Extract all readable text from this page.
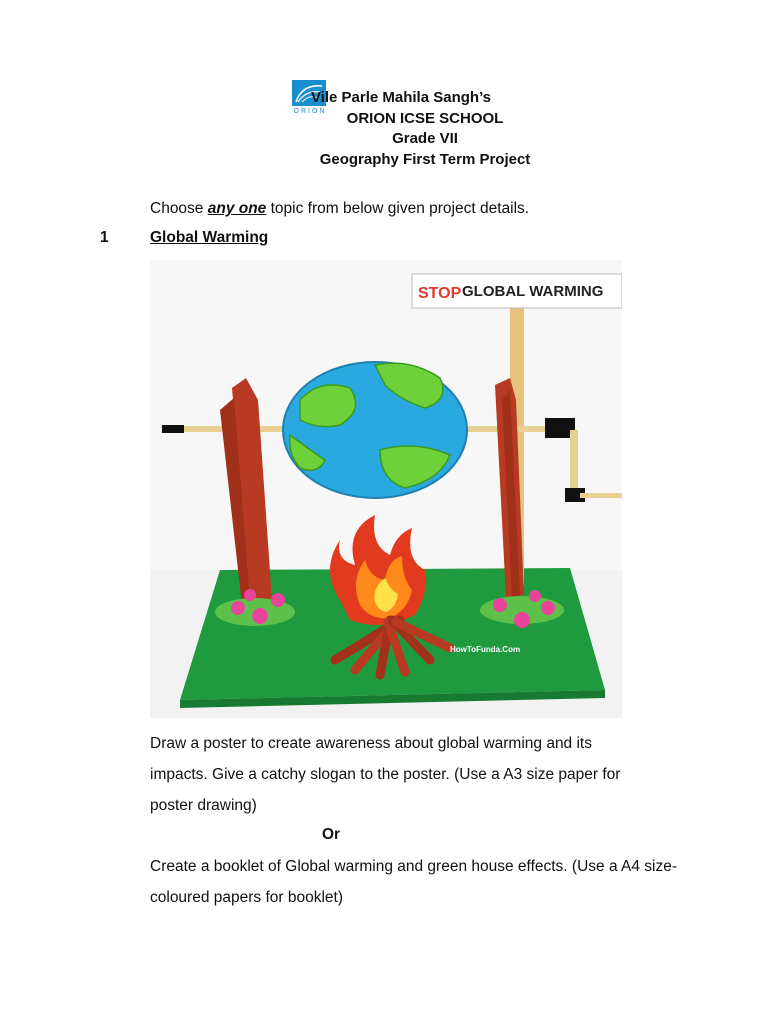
ORION
Vile Parle Mahila Sangh’s
ORION ICSE SCHOOL
Grade VII
Geography First Term Project
Choose any one topic from below given project details.
1	Global Warming
STOP GLOBAL WARMING
HowToFunda.Com
Draw a poster to create awareness about global warming and its impacts. Give a catchy slogan to the poster. (Use a A3 size paper for poster drawing)
Or
Create a booklet of Global warming and green house effects. (Use a A4 size-coloured papers for booklet)
